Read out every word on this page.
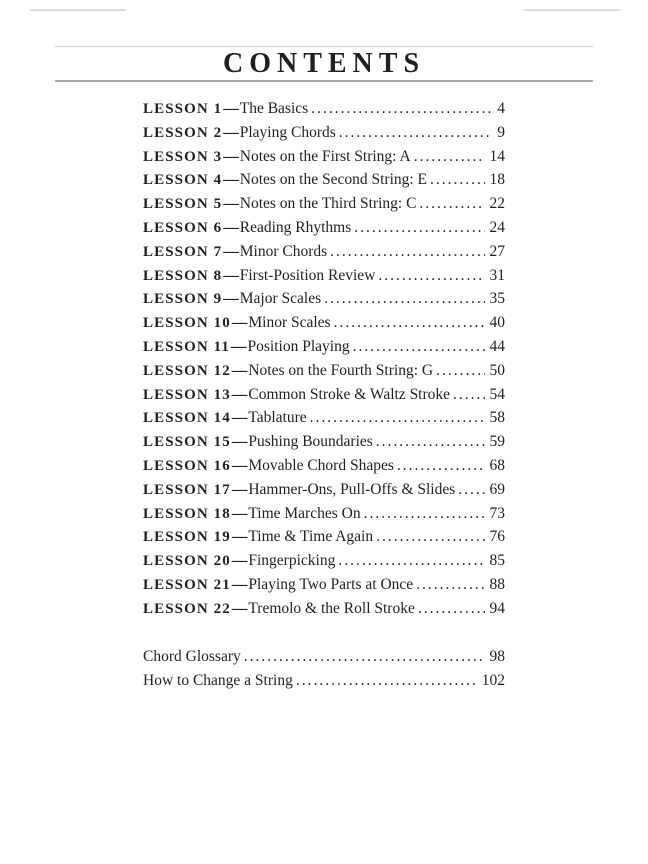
CONTENTS
LESSON 1 — The Basics .....	4
LESSON 2 — Playing Chords .....	9
LESSON 3 — Notes on the First String: A .....	14
LESSON 4 — Notes on the Second String: E .....	18
LESSON 5 — Notes on the Third String: C .....	22
LESSON 6 — Reading Rhythms .....	24
LESSON 7 — Minor Chords .....	27
LESSON 8 — First-Position Review .....	31
LESSON 9 — Major Scales .....	35
LESSON 10 — Minor Scales .....	40
LESSON 11 — Position Playing .....	44
LESSON 12 — Notes on the Fourth String: G .....	50
LESSON 13 — Common Stroke & Waltz Stroke .....	54
LESSON 14 — Tablature .....	58
LESSON 15 — Pushing Boundaries .....	59
LESSON 16 — Movable Chord Shapes .....	68
LESSON 17 — Hammer-Ons, Pull-Offs & Slides ..... 69
LESSON 18 — Time Marches On .....	73
LESSON 19 — Time & Time Again .....	76
LESSON 20 — Fingerpicking .....	85
LESSON 21 — Playing Two Parts at Once .....	88
LESSON 22 — Tremolo & the Roll Stroke .....	94
Chord Glossary .....	98
How to Change a String .....	102
